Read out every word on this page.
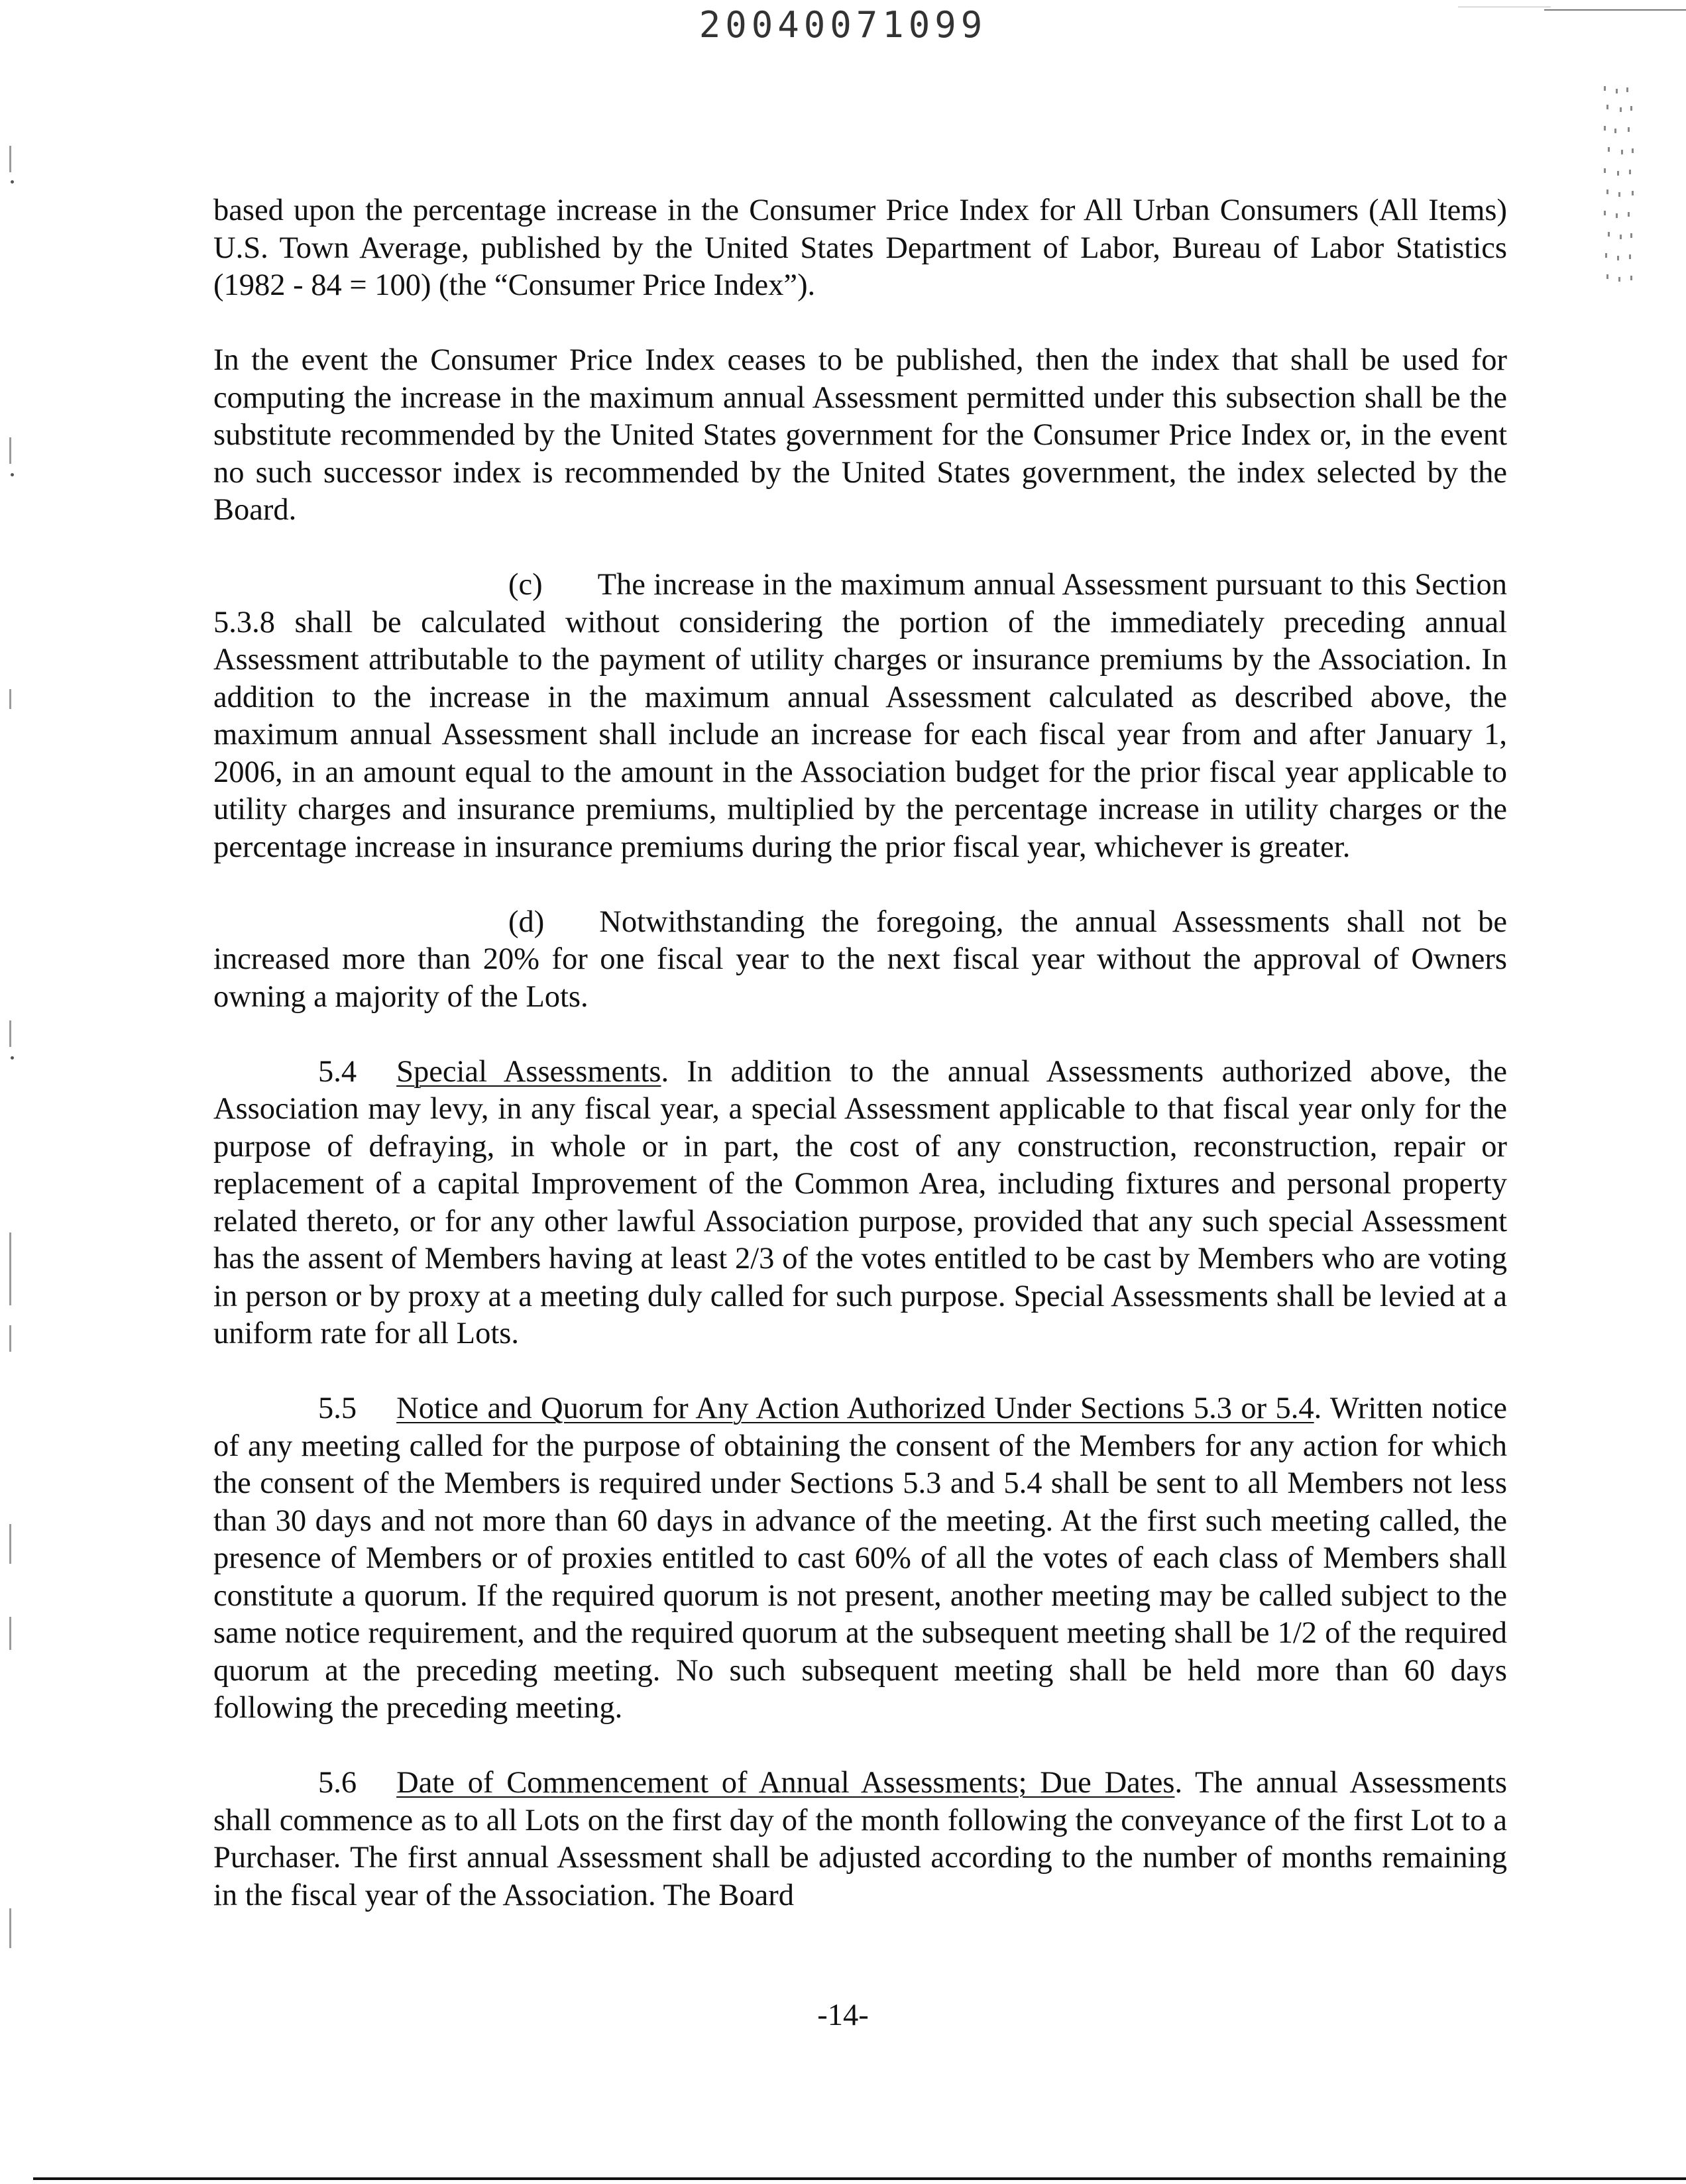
20040071099

based upon the percentage increase in the Consumer Price Index for All Urban Consumers (All Items) U.S. Town Average, published by the United States Department of Labor, Bureau of Labor Statistics (1982 - 84 = 100) (the “Consumer Price Index”).

In the event the Consumer Price Index ceases to be published, then the index that shall be used for computing the increase in the maximum annual Assessment permitted under this subsection shall be the substitute recommended by the United States government for the Consumer Price Index or, in the event no such successor index is recommended by the United States government, the index selected by the Board.

(c) The increase in the maximum annual Assessment pursuant to this Section 5.3.8 shall be calculated without considering the portion of the immediately preceding annual Assessment attributable to the payment of utility charges or insurance premiums by the Association. In addition to the increase in the maximum annual Assessment calculated as described above, the maximum annual Assessment shall include an increase for each fiscal year from and after January 1, 2006, in an amount equal to the amount in the Association budget for the prior fiscal year applicable to utility charges and insurance premiums, multiplied by the percentage increase in utility charges or the percentage increase in insurance premiums during the prior fiscal year, whichever is greater.

(d) Notwithstanding the foregoing, the annual Assessments shall not be increased more than 20% for one fiscal year to the next fiscal year without the approval of Owners owning a majority of the Lots.

5.4 Special Assessments. In addition to the annual Assessments authorized above, the Association may levy, in any fiscal year, a special Assessment applicable to that fiscal year only for the purpose of defraying, in whole or in part, the cost of any construction, reconstruction, repair or replacement of a capital Improvement of the Common Area, including fixtures and personal property related thereto, or for any other lawful Association purpose, provided that any such special Assessment has the assent of Members having at least 2/3 of the votes entitled to be cast by Members who are voting in person or by proxy at a meeting duly called for such purpose. Special Assessments shall be levied at a uniform rate for all Lots.

5.5 Notice and Quorum for Any Action Authorized Under Sections 5.3 or 5.4. Written notice of any meeting called for the purpose of obtaining the consent of the Members for any action for which the consent of the Members is required under Sections 5.3 and 5.4 shall be sent to all Members not less than 30 days and not more than 60 days in advance of the meeting. At the first such meeting called, the presence of Members or of proxies entitled to cast 60% of all the votes of each class of Members shall constitute a quorum. If the required quorum is not present, another meeting may be called subject to the same notice requirement, and the required quorum at the subsequent meeting shall be 1/2 of the required quorum at the preceding meeting. No such subsequent meeting shall be held more than 60 days following the preceding meeting.

5.6 Date of Commencement of Annual Assessments; Due Dates. The annual Assessments shall commence as to all Lots on the first day of the month following the conveyance of the first Lot to a Purchaser. The first annual Assessment shall be adjusted according to the number of months remaining in the fiscal year of the Association. The Board

-14-
